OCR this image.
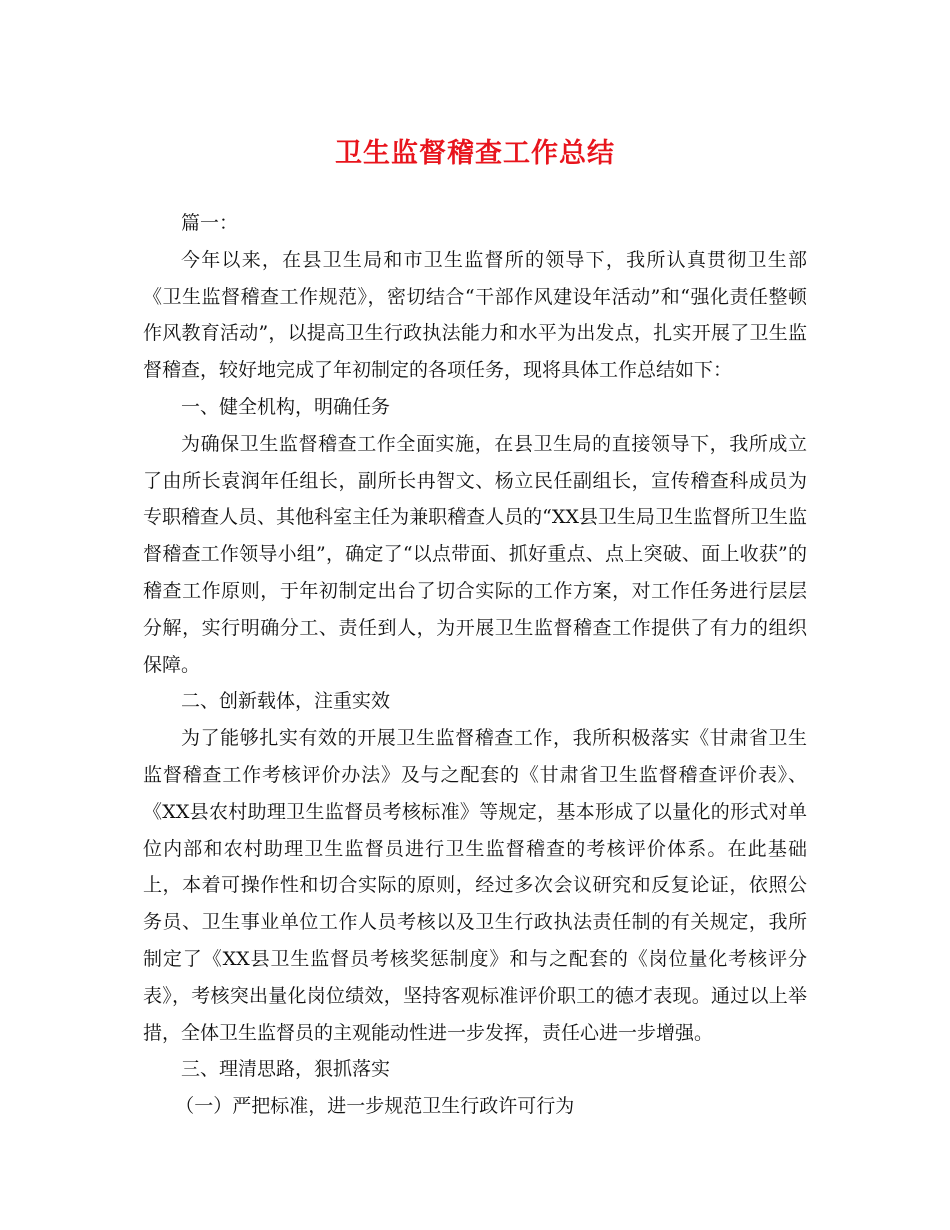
卫生监督稽查工作总结

篇一：

今年以来，在县卫生局和市卫生监督所的领导下，我所认真贯彻卫生部《卫生监督稽查工作规范》，密切结合“干部作风建设年活动”和“强化责任整顿作风教育活动”，以提高卫生行政执法能力和水平为出发点，扎实开展了卫生监督稽查，较好地完成了年初制定的各项任务，现将具体工作总结如下：

一、健全机构，明确任务

为确保卫生监督稽查工作全面实施，在县卫生局的直接领导下，我所成立了由所长袁润年任组长，副所长冉智文、杨立民任副组长，宣传稽查科成员为专职稽查人员、其他科室主任为兼职稽查人员的“XX县卫生局卫生监督所卫生监督稽查工作领导小组”，确定了“以点带面、抓好重点、点上突破、面上收获”的稽查工作原则，于年初制定出台了切合实际的工作方案，对工作任务进行层层分解，实行明确分工、责任到人，为开展卫生监督稽查工作提供了有力的组织保障。

二、创新载体，注重实效

为了能够扎实有效的开展卫生监督稽查工作，我所积极落实《甘肃省卫生监督稽查工作考核评价办法》及与之配套的《甘肃省卫生监督稽查评价表》、《XX县农村助理卫生监督员考核标准》等规定，基本形成了以量化的形式对单位内部和农村助理卫生监督员进行卫生监督稽查的考核评价体系。在此基础上，本着可操作性和切合实际的原则，经过多次会议研究和反复论证，依照公务员、卫生事业单位工作人员考核以及卫生行政执法责任制的有关规定，我所制定了《XX县卫生监督员考核奖惩制度》和与之配套的《岗位量化考核评分表》，考核突出量化岗位绩效，坚持客观标准评价职工的德才表现。通过以上举措，全体卫生监督员的主观能动性进一步发挥，责任心进一步增强。

三、理清思路，狠抓落实

（一）严把标准，进一步规范卫生行政许可行为
